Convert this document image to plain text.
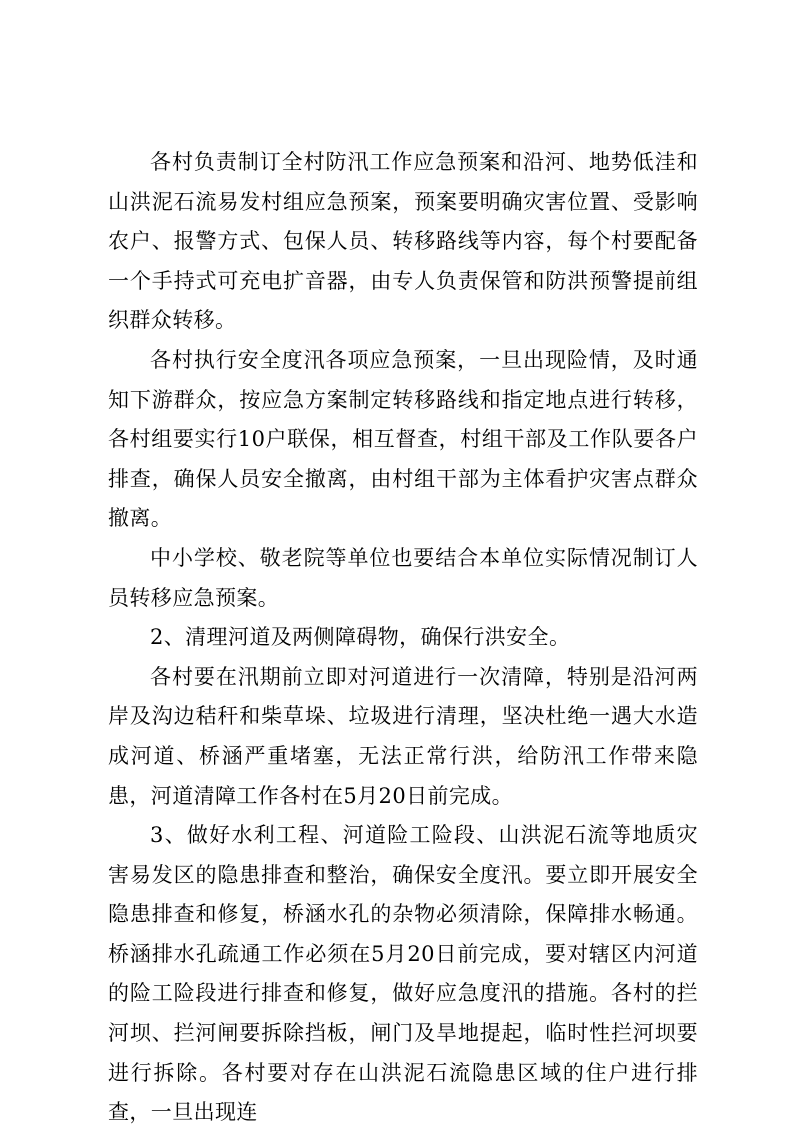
各村负责制订全村防汛工作应急预案和沿河、地势低洼和山洪泥石流易发村组应急预案，预案要明确灾害位置、受影响农户、报警方式、包保人员、转移路线等内容，每个村要配备一个手持式可充电扩音器，由专人负责保管和防洪预警提前组织群众转移。

各村执行安全度汛各项应急预案，一旦出现险情，及时通知下游群众，按应急方案制定转移路线和指定地点进行转移，各村组要实行10户联保，相互督查，村组干部及工作队要各户排查，确保人员安全撤离，由村组干部为主体看护灾害点群众撤离。

中小学校、敬老院等单位也要结合本单位实际情况制订人员转移应急预案。

2、清理河道及两侧障碍物，确保行洪安全。

各村要在汛期前立即对河道进行一次清障，特别是沿河两岸及沟边秸秆和柴草垛、垃圾进行清理，坚决杜绝一遇大水造成河道、桥涵严重堵塞，无法正常行洪，给防汛工作带来隐患，河道清障工作各村在5月20日前完成。

3、做好水利工程、河道险工险段、山洪泥石流等地质灾害易发区的隐患排查和整治，确保安全度汛。要立即开展安全隐患排查和修复，桥涵水孔的杂物必须清除，保障排水畅通。桥涵排水孔疏通工作必须在5月20日前完成，要对辖区内河道的险工险段进行排查和修复，做好应急度汛的措施。各村的拦河坝、拦河闸要拆除挡板，闸门及旱地提起，临时性拦河坝要进行拆除。各村要对存在山洪泥石流隐患区域的住户进行排查，一旦出现连
